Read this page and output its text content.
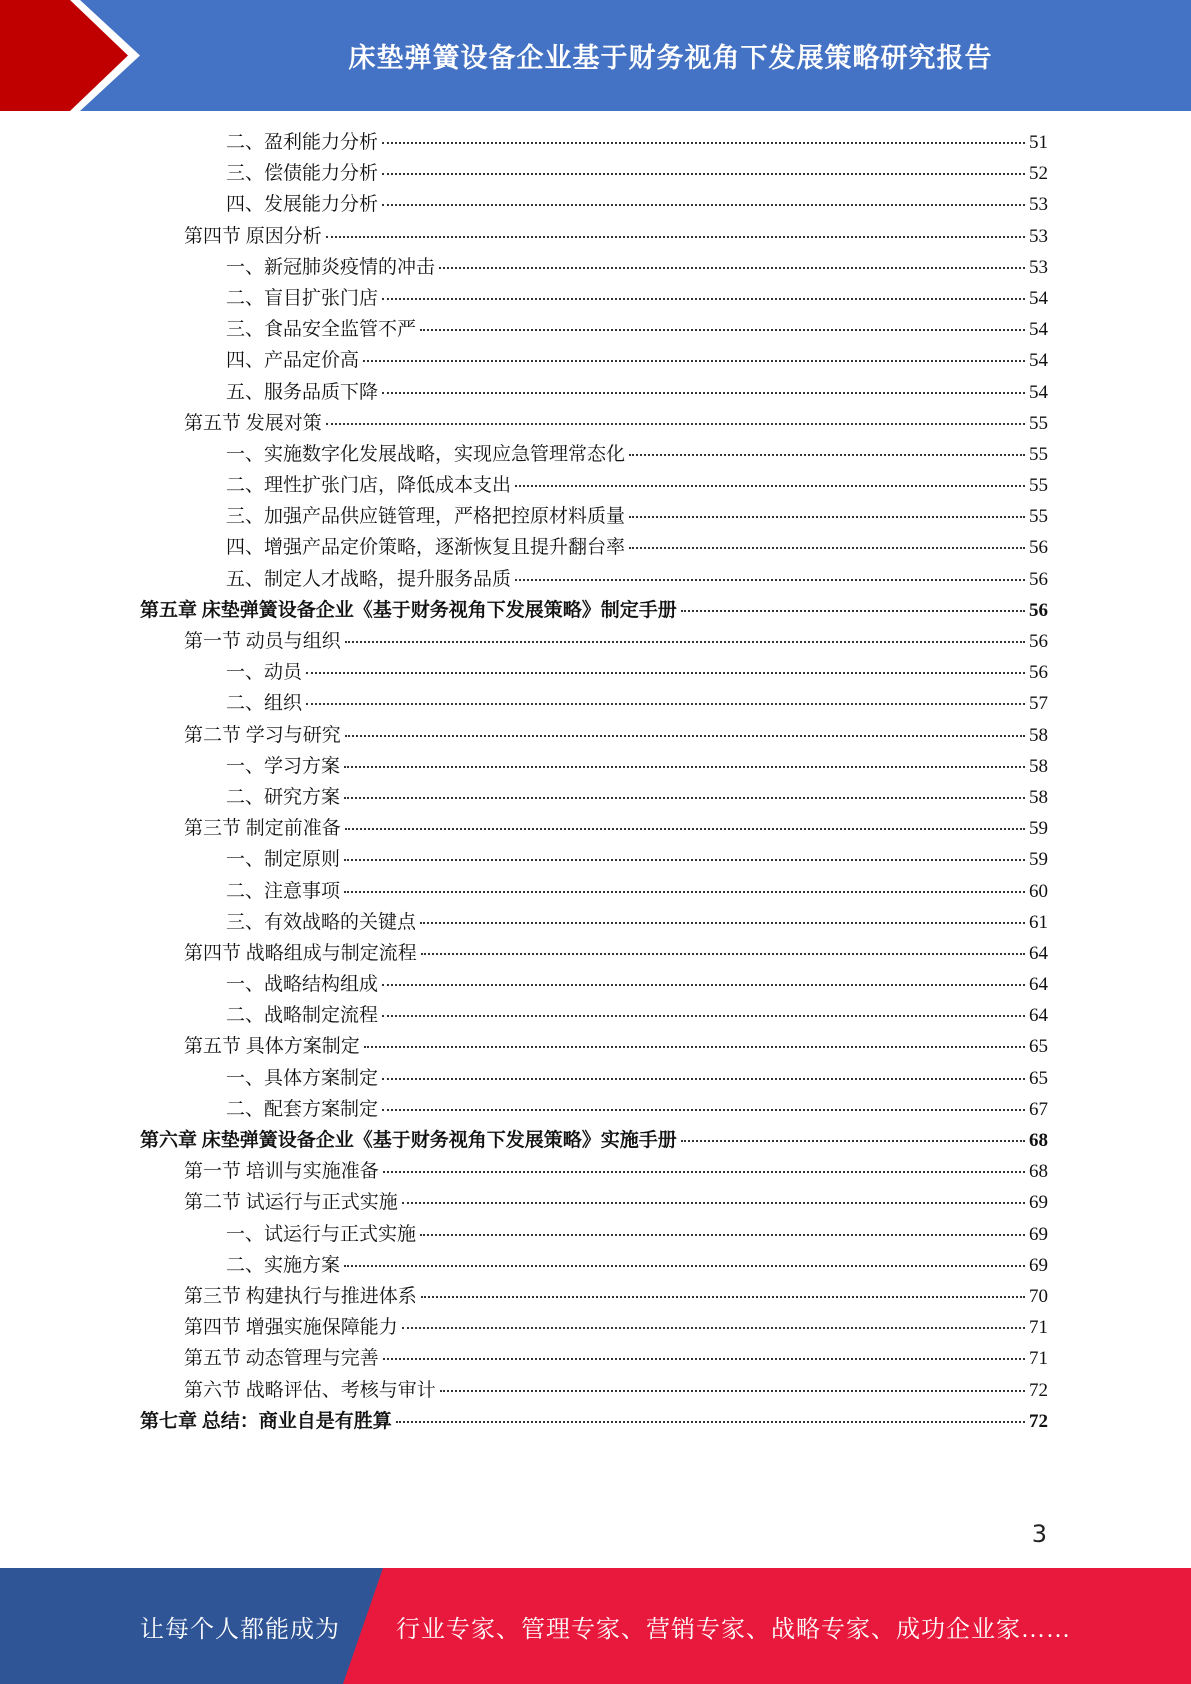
床垫弹簧设备企业基于财务视角下发展策略研究报告
二、盈利能力分析	51
三、偿债能力分析	52
四、发展能力分析	53
第四节 原因分析	53
一、新冠肺炎疫情的冲击	53
二、盲目扩张门店	54
三、食品安全监管不严	54
四、产品定价高	54
五、服务品质下降	54
第五节 发展对策	55
一、实施数字化发展战略，实现应急管理常态化	55
二、理性扩张门店，降低成本支出	55
三、加强产品供应链管理，严格把控原材料质量	55
四、增强产品定价策略，逐渐恢复且提升翻台率	56
五、制定人才战略，提升服务品质	56
第五章 床垫弹簧设备企业《基于财务视角下发展策略》制定手册	56
第一节 动员与组织	56
一、动员	56
二、组织	57
第二节 学习与研究	58
一、学习方案	58
二、研究方案	58
第三节 制定前准备	59
一、制定原则	59
二、注意事项	60
三、有效战略的关键点	61
第四节 战略组成与制定流程	64
一、战略结构组成	64
二、战略制定流程	64
第五节 具体方案制定	65
一、具体方案制定	65
二、配套方案制定	67
第六章 床垫弹簧设备企业《基于财务视角下发展策略》实施手册	68
第一节 培训与实施准备	68
第二节 试运行与正式实施	69
一、试运行与正式实施	69
二、实施方案	69
第三节 构建执行与推进体系	70
第四节 增强实施保障能力	71
第五节 动态管理与完善	71
第六节 战略评估、考核与审计	72
第七章 总结：商业自是有胜算	72
3
让每个人都能成为 行业专家、管理专家、营销专家、战略专家、成功企业家……
